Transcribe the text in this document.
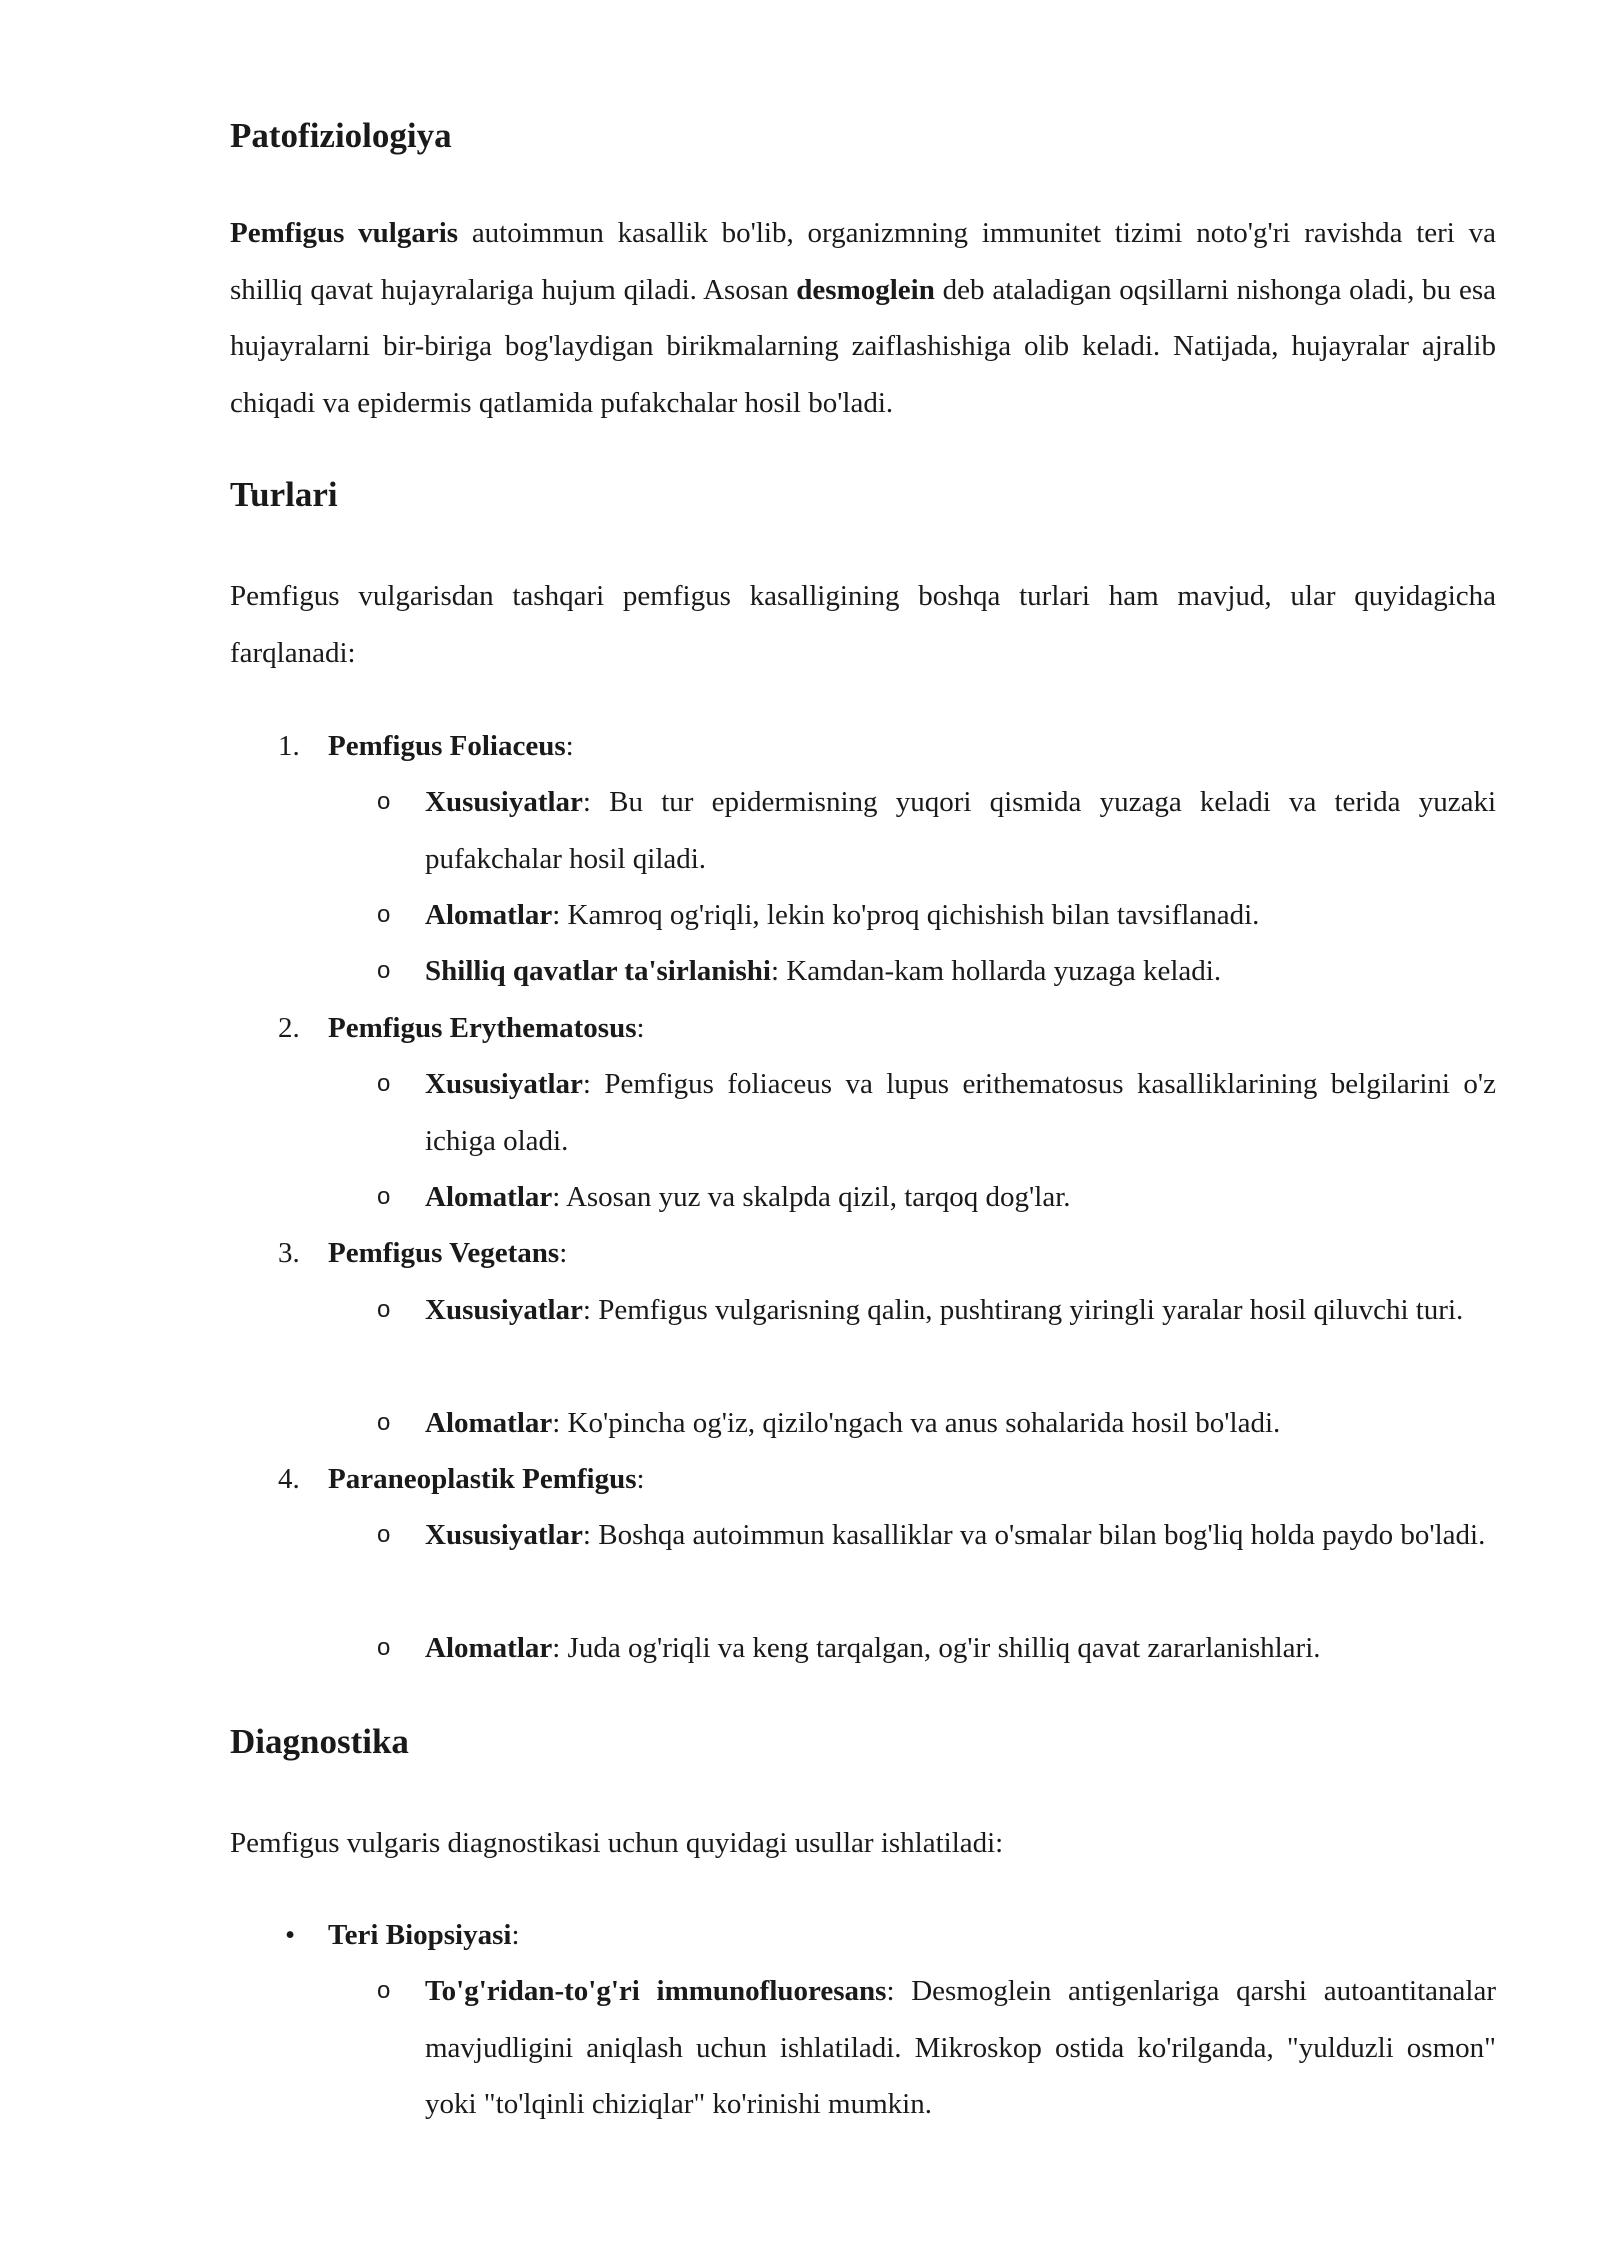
Patofiziologiya

Pemfigus vulgaris autoimmun kasallik bo'lib, organizmning immunitet tizimi noto'g'ri ravishda teri va shilliq qavat hujayralariga hujum qiladi. Asosan desmoglein deb ataladigan oqsillarni nishonga oladi, bu esa hujayralarni bir-biriga bog'laydigan birikmalarning zaiflashishiga olib keladi. Natijada, hujayralar ajralib chiqadi va epidermis qatlamida pufakchalar hosil bo'ladi.

Turlari

Pemfigus vulgarisdan tashqari pemfigus kasalligining boshqa turlari ham mavjud, ular quyidagicha farqlanadi:

1. Pemfigus Foliaceus:
o Xususiyatlar: Bu tur epidermisning yuqori qismida yuzaga keladi va terida yuzaki pufakchalar hosil qiladi.
o Alomatlar: Kamroq og'riqli, lekin ko'proq qichishish bilan tavsiflanadi.
o Shilliq qavatlar ta'sirlanishi: Kamdan-kam hollarda yuzaga keladi.
2. Pemfigus Erythematosus:
o Xususiyatlar: Pemfigus foliaceus va lupus erithematosus kasalliklarining belgilarini o'z ichiga oladi.
o Alomatlar: Asosan yuz va skalpda qizil, tarqoq dog'lar.
3. Pemfigus Vegetans:
o Xususiyatlar: Pemfigus vulgarisning qalin, pushtirang yiringli yaralar hosil qiluvchi turi.
o Alomatlar: Ko'pincha og'iz, qizilo'ngach va anus sohalarida hosil bo'ladi.
4. Paraneoplastik Pemfigus:
o Xususiyatlar: Boshqa autoimmun kasalliklar va o'smalar bilan bog'liq holda paydo bo'ladi.
o Alomatlar: Juda og'riqli va keng tarqalgan, og'ir shilliq qavat zararlanishlari.
Diagnostika

Pemfigus vulgaris diagnostikasi uchun quyidagi usullar ishlatiladi:

• Teri Biopsiyasi:
o To'g'ridan-to'g'ri immunofluoresans: Desmoglein antigenlariga qarshi autoantitanalar mavjudligini aniqlash uchun ishlatiladi. Mikroskop ostida ko'rilganda, "yulduzli osmon" yoki "to'lqinli chiziqlar" ko'rinishi mumkin.
